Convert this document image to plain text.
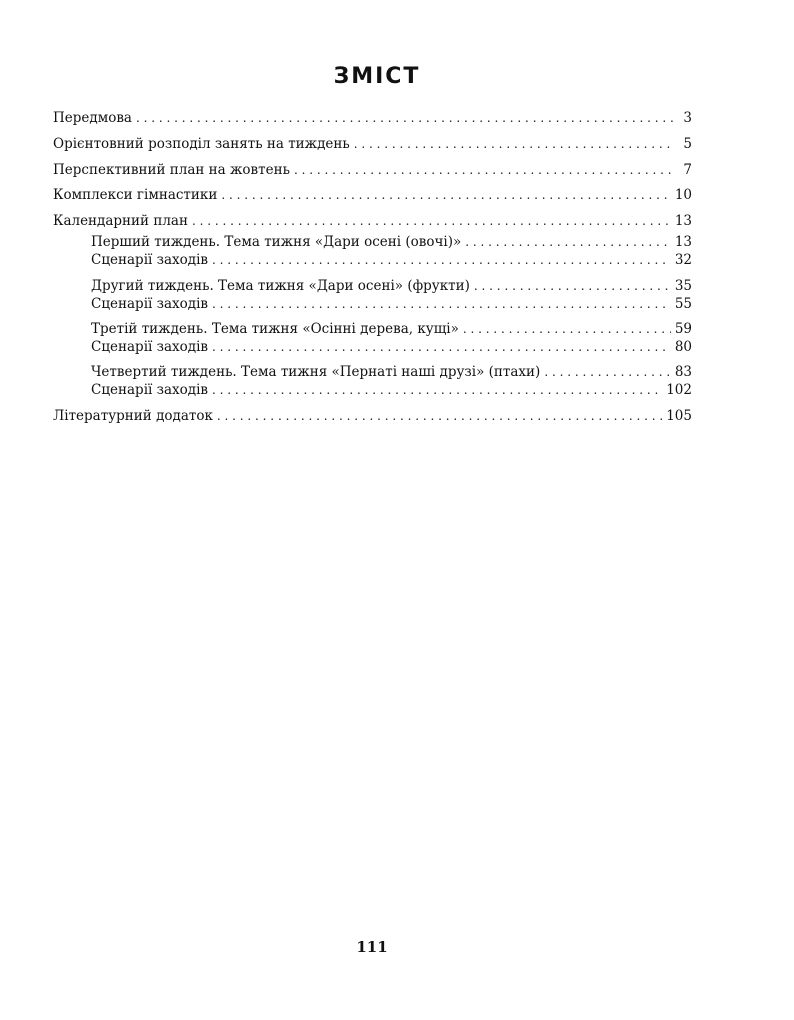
ЗМІСТ
Передмова . . .	3
Орієнтовний розподіл занять на тиждень . . .	5
Перспективний план на жовтень . . .	7
Комплекси гімнастики . . .	10
Календарний план . . .	13
Перший тиждень. Тема тижня «Дари осені (овочі)» . . .	13
Сценарії заходів . . .	32
Другий тиждень. Тема тижня «Дари осені» (фрукти) . . .	35
Сценарії заходів . . .	55
Третій тиждень. Тема тижня «Осінні дерева, кущі» . . .	59
Сценарії заходів . . .	80
Четвертий тиждень. Тема тижня «Пернаті наші друзі» (птахи) . . .	83
Сценарії заходів . . .	102
Літературний додаток . . .	105
111
